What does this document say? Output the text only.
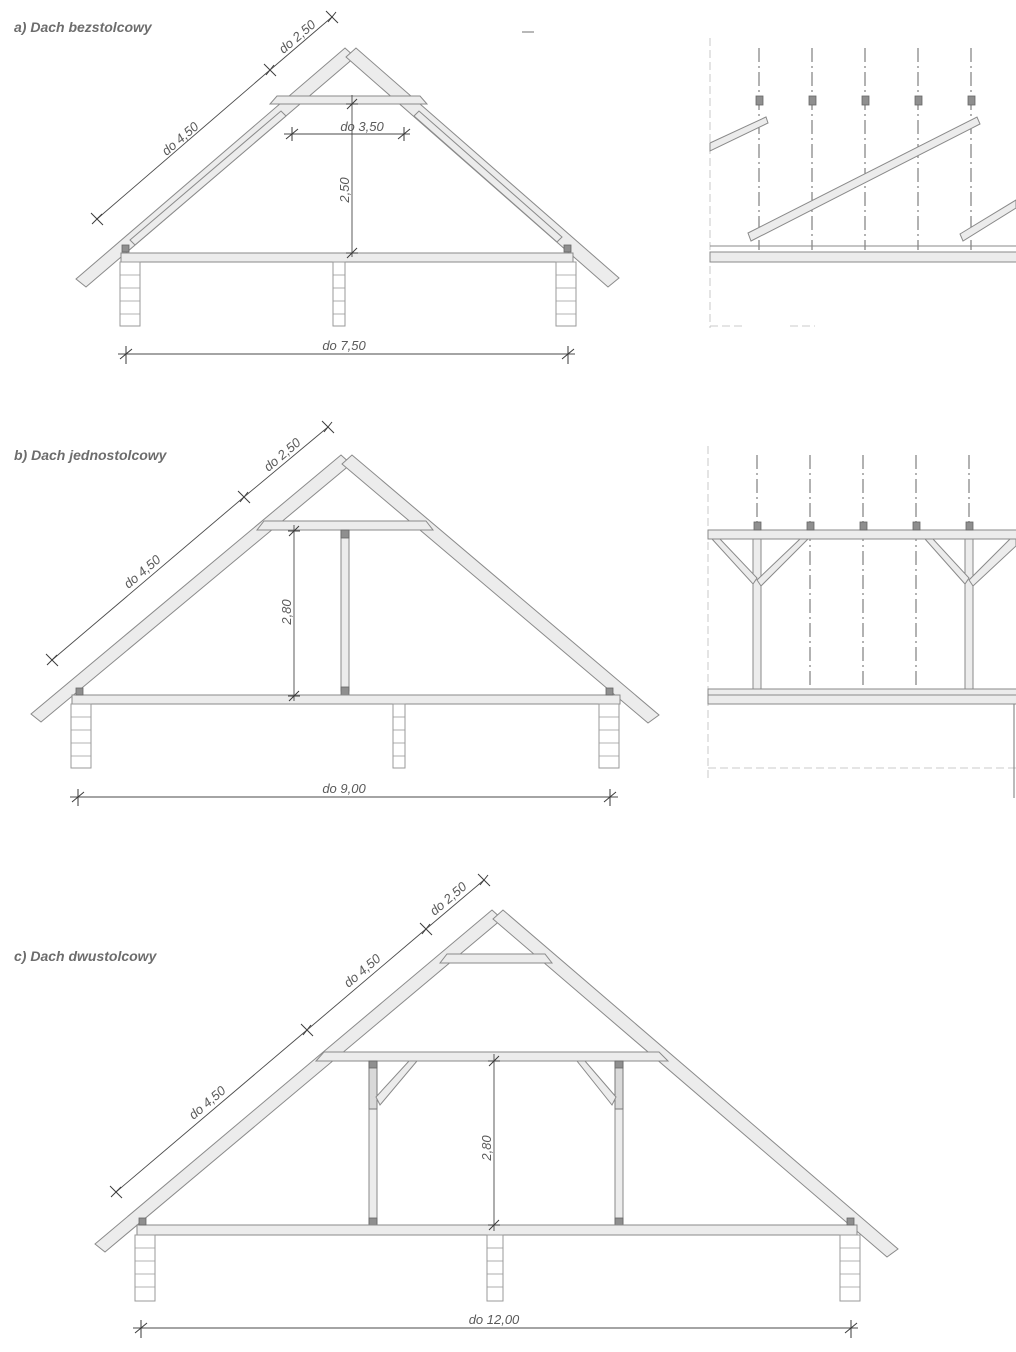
a) Dach bezstolcowy
do 4,50
do 2,50
do 3,50
2,50
do 7,50
b) Dach jednostolcowy
do 4,50
do 2,50
2,80
do 9,00
c) Dach dwustolcowy
do 4,50
do 4,50
do 2,50
2,80
do 12,00
